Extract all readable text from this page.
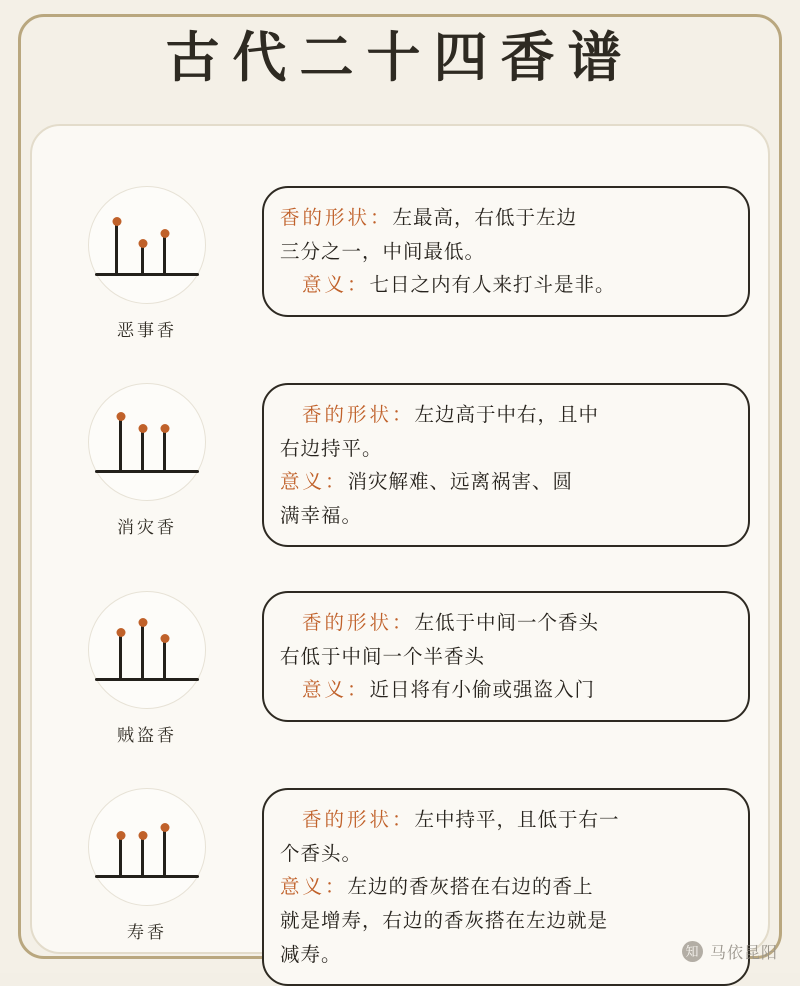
古代二十四香谱
恶事香

香的形状：左最高，右低于左边

三分之一，中间最低。

意义：七日之内有人来打斗是非。

消灾香

香的形状：左边高于中右，且中

右边持平。

意义：消灾解难、远离祸害、圆

满幸福。

贼盗香

香的形状：左低于中间一个香头

右低于中间一个半香头

意义：近日将有小偷或强盗入门

寿香

香的形状：左中持平，且低于右一

个香头。

意义：左边的香灰搭在右边的香上

就是增寿，右边的香灰搭在左边就是

减寿。	知 马依昆阳
